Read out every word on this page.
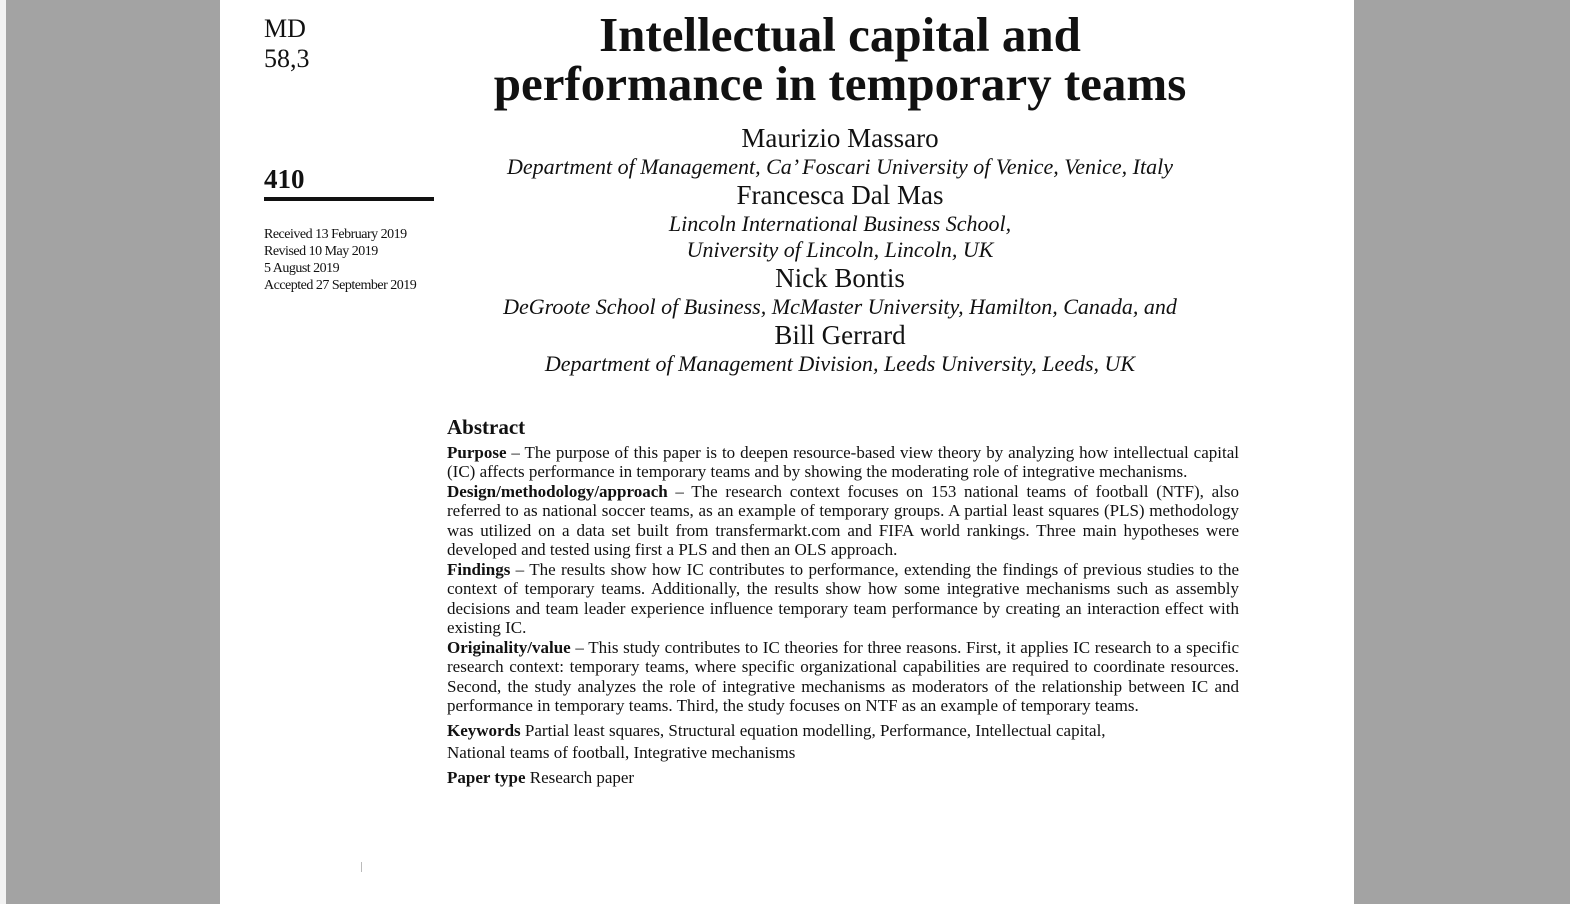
MD
58,3
410
Received 13 February 2019
Revised 10 May 2019
5 August 2019
Accepted 27 September 2019
Intellectual capital and
performance in temporary teams
Maurizio Massaro
Department of Management, Ca’ Foscari University of Venice, Venice, Italy
Francesca Dal Mas
Lincoln International Business School,
University of Lincoln, Lincoln, UK
Nick Bontis
DeGroote School of Business, McMaster University, Hamilton, Canada, and
Bill Gerrard
Department of Management Division, Leeds University, Leeds, UK
Abstract
Purpose – The purpose of this paper is to deepen resource-based view theory by analyzing how intellectual capital (IC) affects performance in temporary teams and by showing the moderating role of integrative mechanisms.
Design/methodology/approach – The research context focuses on 153 national teams of football (NTF), also referred to as national soccer teams, as an example of temporary groups. A partial least squares (PLS) methodology was utilized on a data set built from transfermarkt.com and FIFA world rankings. Three main hypotheses were developed and tested using first a PLS and then an OLS approach.
Findings – The results show how IC contributes to performance, extending the findings of previous studies to the context of temporary teams. Additionally, the results show how some integrative mechanisms such as assembly decisions and team leader experience influence temporary team performance by creating an interaction effect with existing IC.
Originality/value – This study contributes to IC theories for three reasons. First, it applies IC research to a specific research context: temporary teams, where specific organizational capabilities are required to coordinate resources. Second, the study analyzes the role of integrative mechanisms as moderators of the relationship between IC and performance in temporary teams. Third, the study focuses on NTF as an example of temporary teams.
Keywords Partial least squares, Structural equation modelling, Performance, Intellectual capital,
National teams of football, Integrative mechanisms
Paper type Research paper
